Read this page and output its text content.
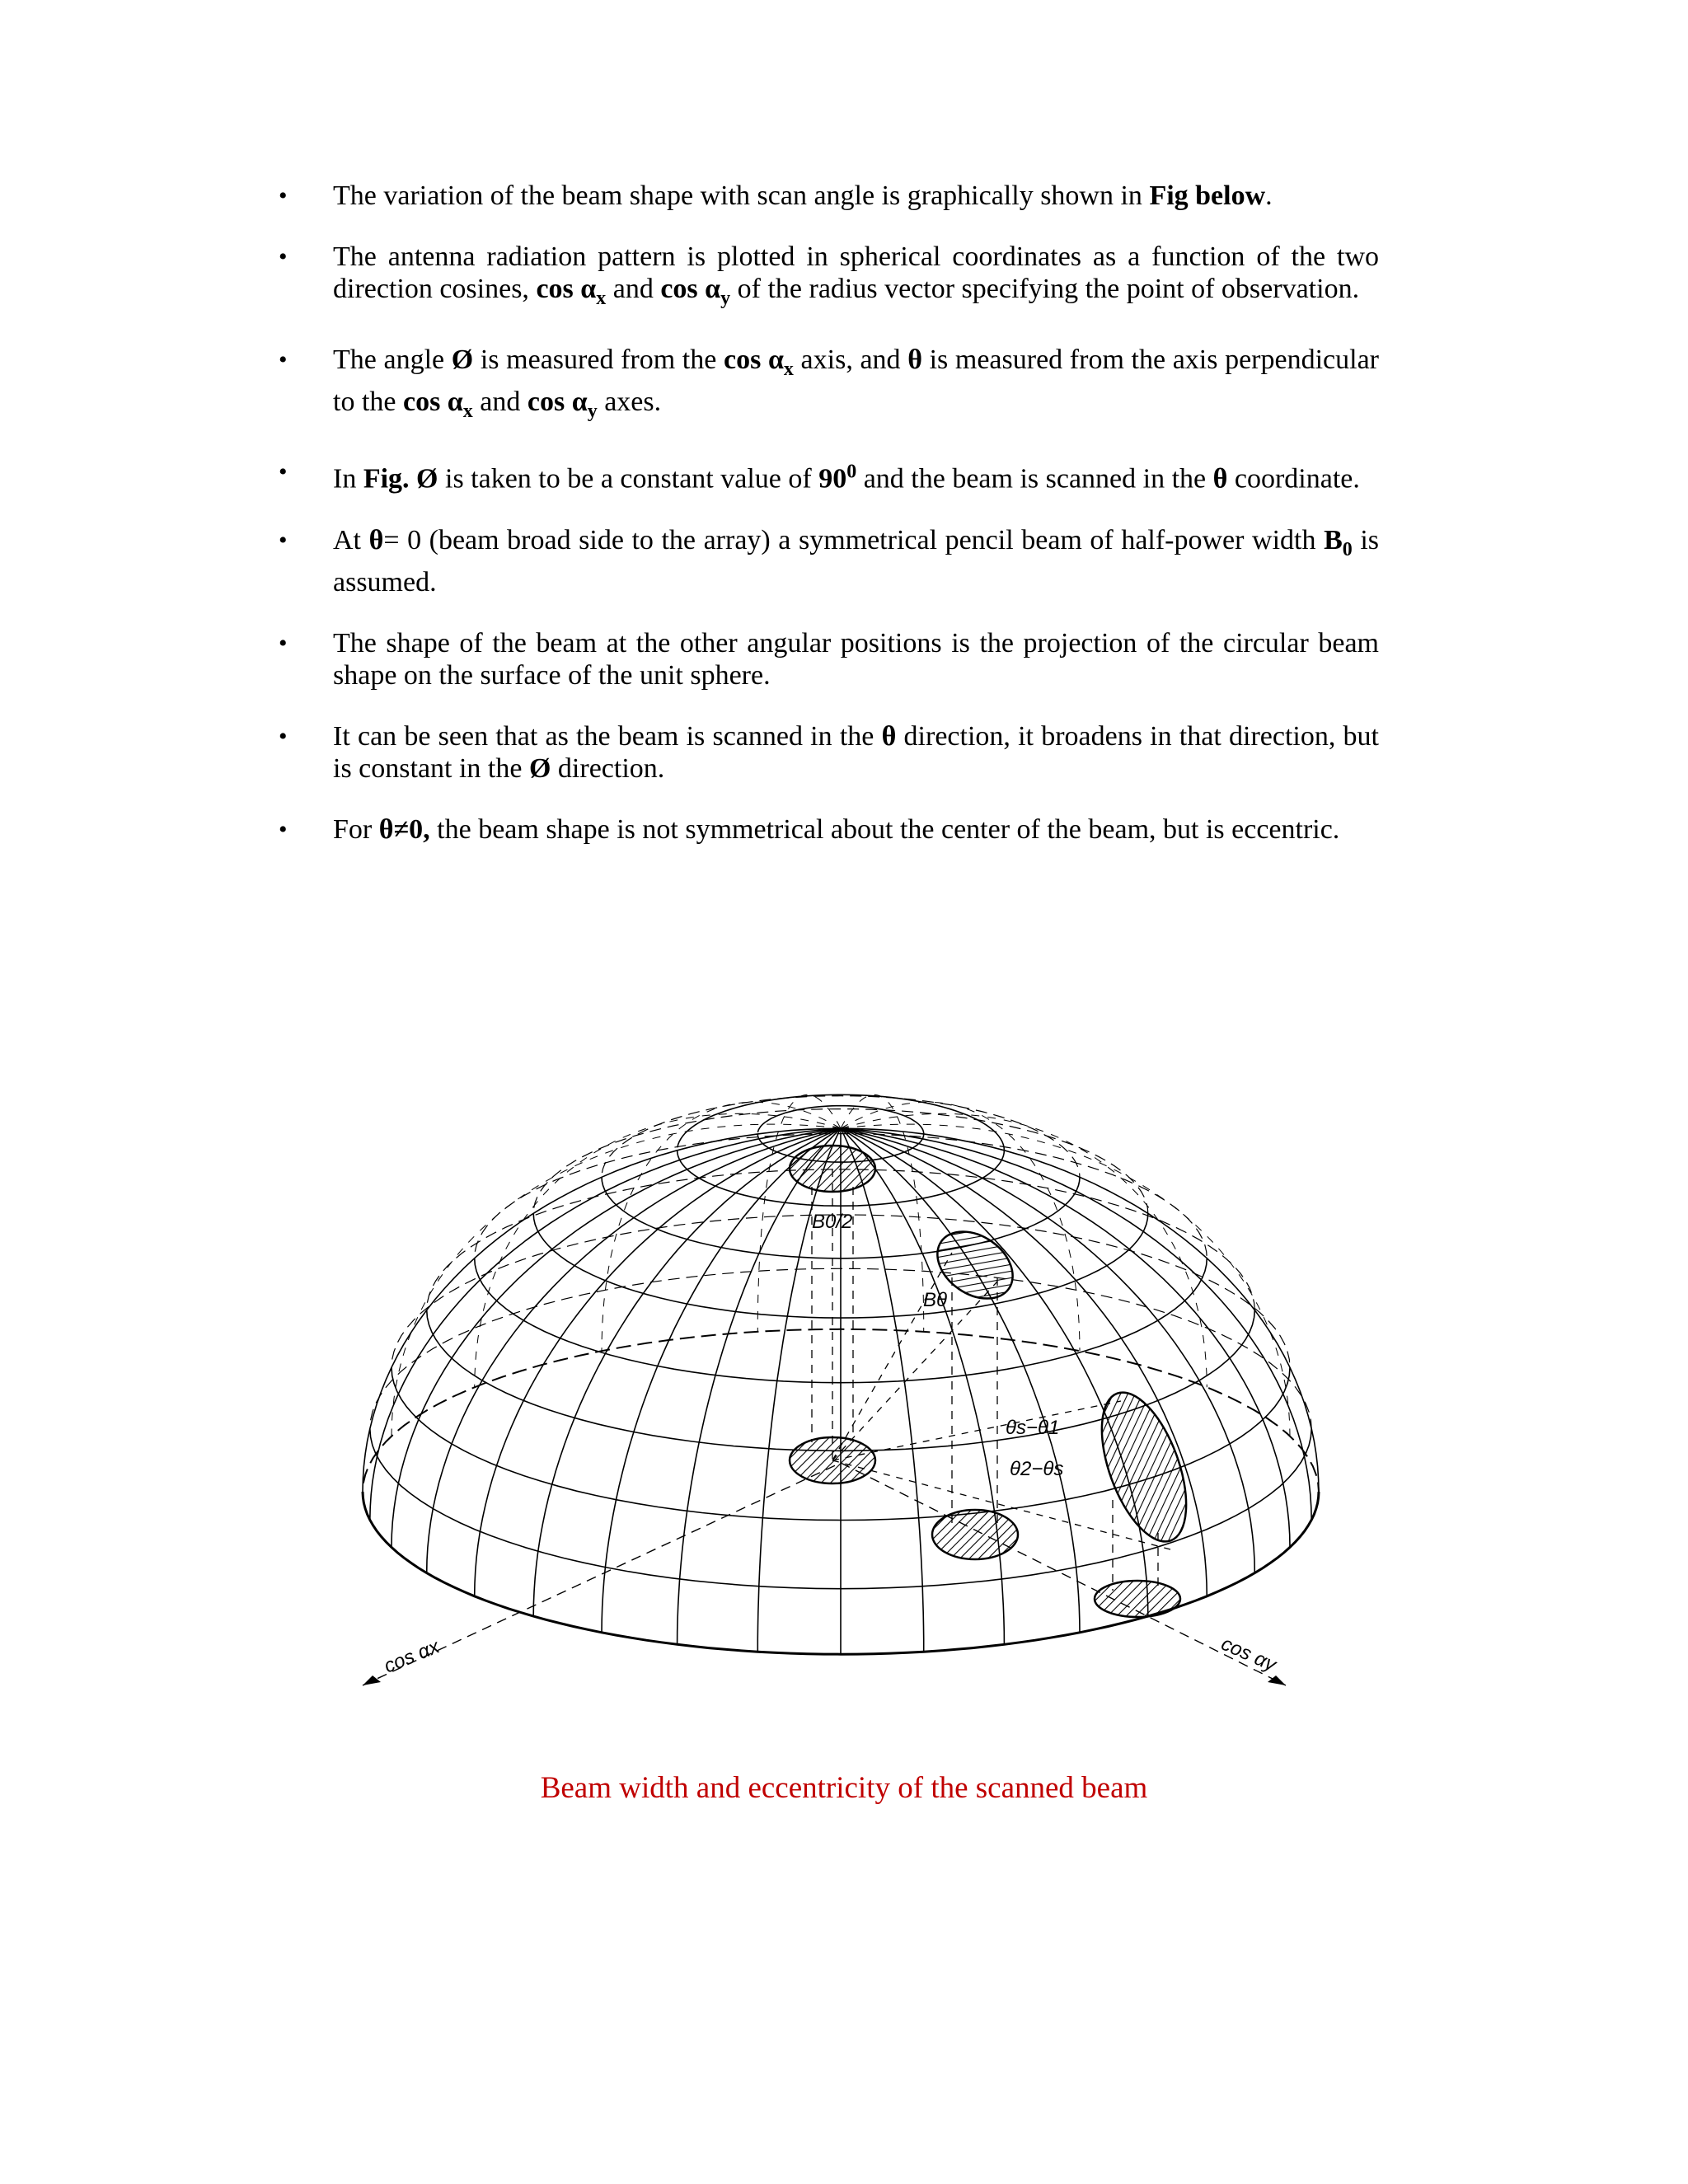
• The variation of the beam shape with scan angle is graphically shown in Fig below.
• The antenna radiation pattern is plotted in spherical coordinates as a function of the two direction cosines, $\cos \alpha_x$ and $\cos \alpha_y$ of the radius vector specifying the point of observation.
• The angle Ø is measured from the $\cos \alpha_x$ axis, and θ is measured from the axis perpendicular to the $\cos \alpha_x$ and $\cos \alpha_y$ axes.
• In Fig. Ø is taken to be a constant value of $90^0$ and the beam is scanned in the θ coordinate.
• At θ= 0 (beam broad side to the array) a symmetrical pencil beam of half-power width $B_0$ is assumed.
• The shape of the beam at the other angular positions is the projection of the circular beam shape on the surface of the unit sphere.
• It can be seen that as the beam is scanned in the θ direction, it broadens in that direction, but is constant in the Ø direction.
• For θ≠0, the beam shape is not symmetrical about the center of the beam, but is eccentric.
cos αx	cos αy
B0/2
Bθ
θs−θ1
θ2−θs
Beam width and eccentricity of the scanned beam
